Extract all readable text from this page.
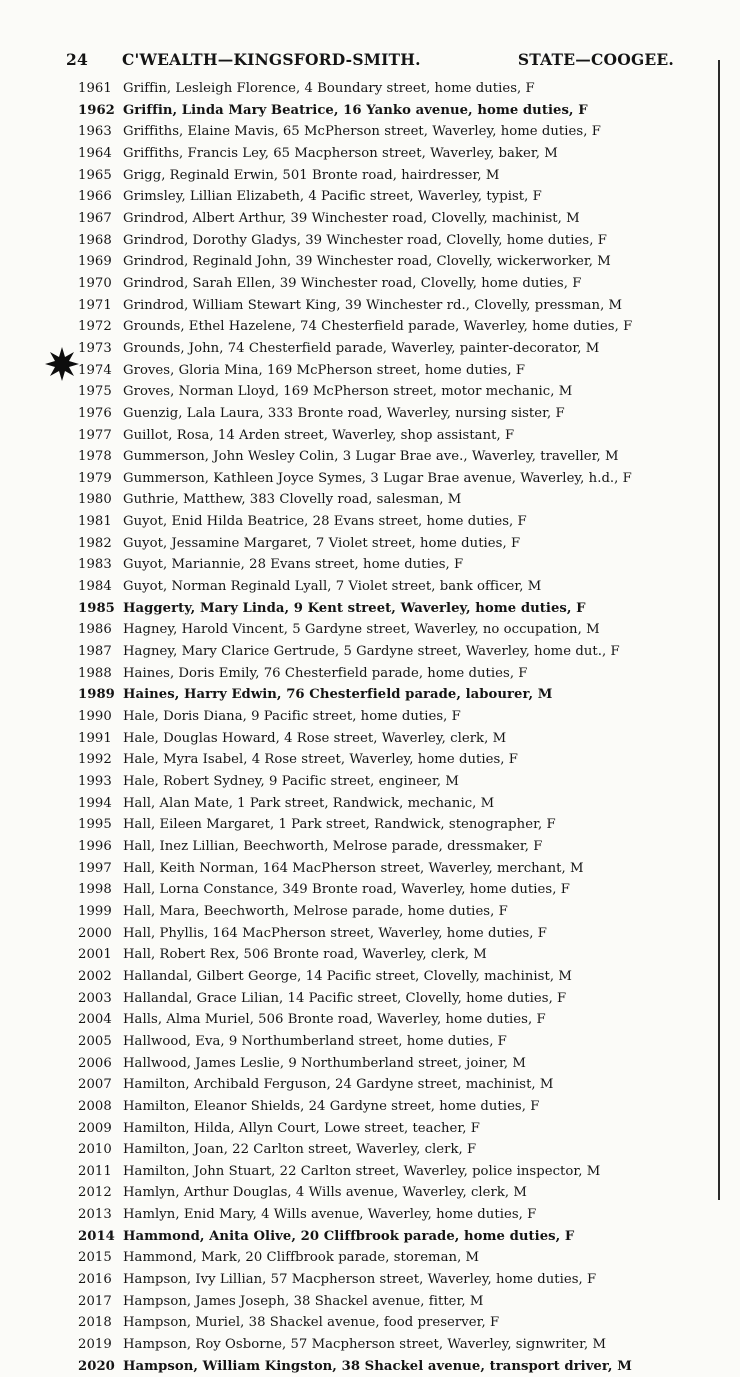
24 C'WEALTH—KINGSFORD-SMITH.	STATE—COOGEE.
1961 Griffin, Lesleigh Florence, 4 Boundary street, home duties, F
1962 Griffin, Linda Mary Beatrice, 16 Yanko avenue, home duties, F
1963 Griffiths, Elaine Mavis, 65 McPherson street, Waverley, home duties, F
1964 Griffiths, Francis Ley, 65 Macpherson street, Waverley, baker, M
1965 Grigg, Reginald Erwin, 501 Bronte road, hairdresser, M
1966 Grimsley, Lillian Elizabeth, 4 Pacific street, Waverley, typist, F
1967 Grindrod, Albert Arthur, 39 Winchester road, Clovelly, machinist, M
1968 Grindrod, Dorothy Gladys, 39 Winchester road, Clovelly, home duties, F
1969 Grindrod, Reginald John, 39 Winchester road, Clovelly, wickerworker, M
1970 Grindrod, Sarah Ellen, 39 Winchester road, Clovelly, home duties, F
1971 Grindrod, William Stewart King, 39 Winchester rd., Clovelly, pressman, M
1972 Grounds, Ethel Hazelene, 74 Chesterfield parade, Waverley, home duties, F
1973 Grounds, John, 74 Chesterfield parade, Waverley, painter-decorator, M
1974 Groves, Gloria Mina, 169 McPherson street, home duties, F
1975 Groves, Norman Lloyd, 169 McPherson street, motor mechanic, M
1976 Guenzig, Lala Laura, 333 Bronte road, Waverley, nursing sister, F
1977 Guillot, Rosa, 14 Arden street, Waverley, shop assistant, F
1978 Gummerson, John Wesley Colin, 3 Lugar Brae ave., Waverley, traveller, M
1979 Gummerson, Kathleen Joyce Symes, 3 Lugar Brae avenue, Waverley, h.d., F
1980 Guthrie, Matthew, 383 Clovelly road, salesman, M
1981 Guyot, Enid Hilda Beatrice, 28 Evans street, home duties, F
1982 Guyot, Jessamine Margaret, 7 Violet street, home duties, F
1983 Guyot, Mariannie, 28 Evans street, home duties, F
1984 Guyot, Norman Reginald Lyall, 7 Violet street, bank officer, M
1985 Haggerty, Mary Linda, 9 Kent street, Waverley, home duties, F
1986 Hagney, Harold Vincent, 5 Gardyne street, Waverley, no occupation, M
1987 Hagney, Mary Clarice Gertrude, 5 Gardyne street, Waverley, home dut., F
1988 Haines, Doris Emily, 76 Chesterfield parade, home duties, F
1989 Haines, Harry Edwin, 76 Chesterfield parade, labourer, M
1990 Hale, Doris Diana, 9 Pacific street, home duties, F
1991 Hale, Douglas Howard, 4 Rose street, Waverley, clerk, M
1992 Hale, Myra Isabel, 4 Rose street, Waverley, home duties, F
1993 Hale, Robert Sydney, 9 Pacific street, engineer, M
1994 Hall, Alan Mate, 1 Park street, Randwick, mechanic, M
1995 Hall, Eileen Margaret, 1 Park street, Randwick, stenographer, F
1996 Hall, Inez Lillian, Beechworth, Melrose parade, dressmaker, F
1997 Hall, Keith Norman, 164 MacPherson street, Waverley, merchant, M
1998 Hall, Lorna Constance, 349 Bronte road, Waverley, home duties, F
1999 Hall, Mara, Beechworth, Melrose parade, home duties, F
2000 Hall, Phyllis, 164 MacPherson street, Waverley, home duties, F
2001 Hall, Robert Rex, 506 Bronte road, Waverley, clerk, M
2002 Hallandal, Gilbert George, 14 Pacific street, Clovelly, machinist, M
2003 Hallandal, Grace Lilian, 14 Pacific street, Clovelly, home duties, F
2004 Halls, Alma Muriel, 506 Bronte road, Waverley, home duties, F
2005 Hallwood, Eva, 9 Northumberland street, home duties, F
2006 Hallwood, James Leslie, 9 Northumberland street, joiner, M
2007 Hamilton, Archibald Ferguson, 24 Gardyne street, machinist, M
2008 Hamilton, Eleanor Shields, 24 Gardyne street, home duties, F
2009 Hamilton, Hilda, Allyn Court, Lowe street, teacher, F
2010 Hamilton, Joan, 22 Carlton street, Waverley, clerk, F
2011 Hamilton, John Stuart, 22 Carlton street, Waverley, police inspector, M
2012 Hamlyn, Arthur Douglas, 4 Wills avenue, Waverley, clerk, M
2013 Hamlyn, Enid Mary, 4 Wills avenue, Waverley, home duties, F
2014 Hammond, Anita Olive, 20 Cliffbrook parade, home duties, F
2015 Hammond, Mark, 20 Cliffbrook parade, storeman, M
2016 Hampson, Ivy Lillian, 57 Macpherson street, Waverley, home duties, F
2017 Hampson, James Joseph, 38 Shackel avenue, fitter, M
2018 Hampson, Muriel, 38 Shackel avenue, food preserver, F
2019 Hampson, Roy Osborne, 57 Macpherson street, Waverley, signwriter, M
2020 Hampson, William Kingston, 38 Shackel avenue, transport driver, M
